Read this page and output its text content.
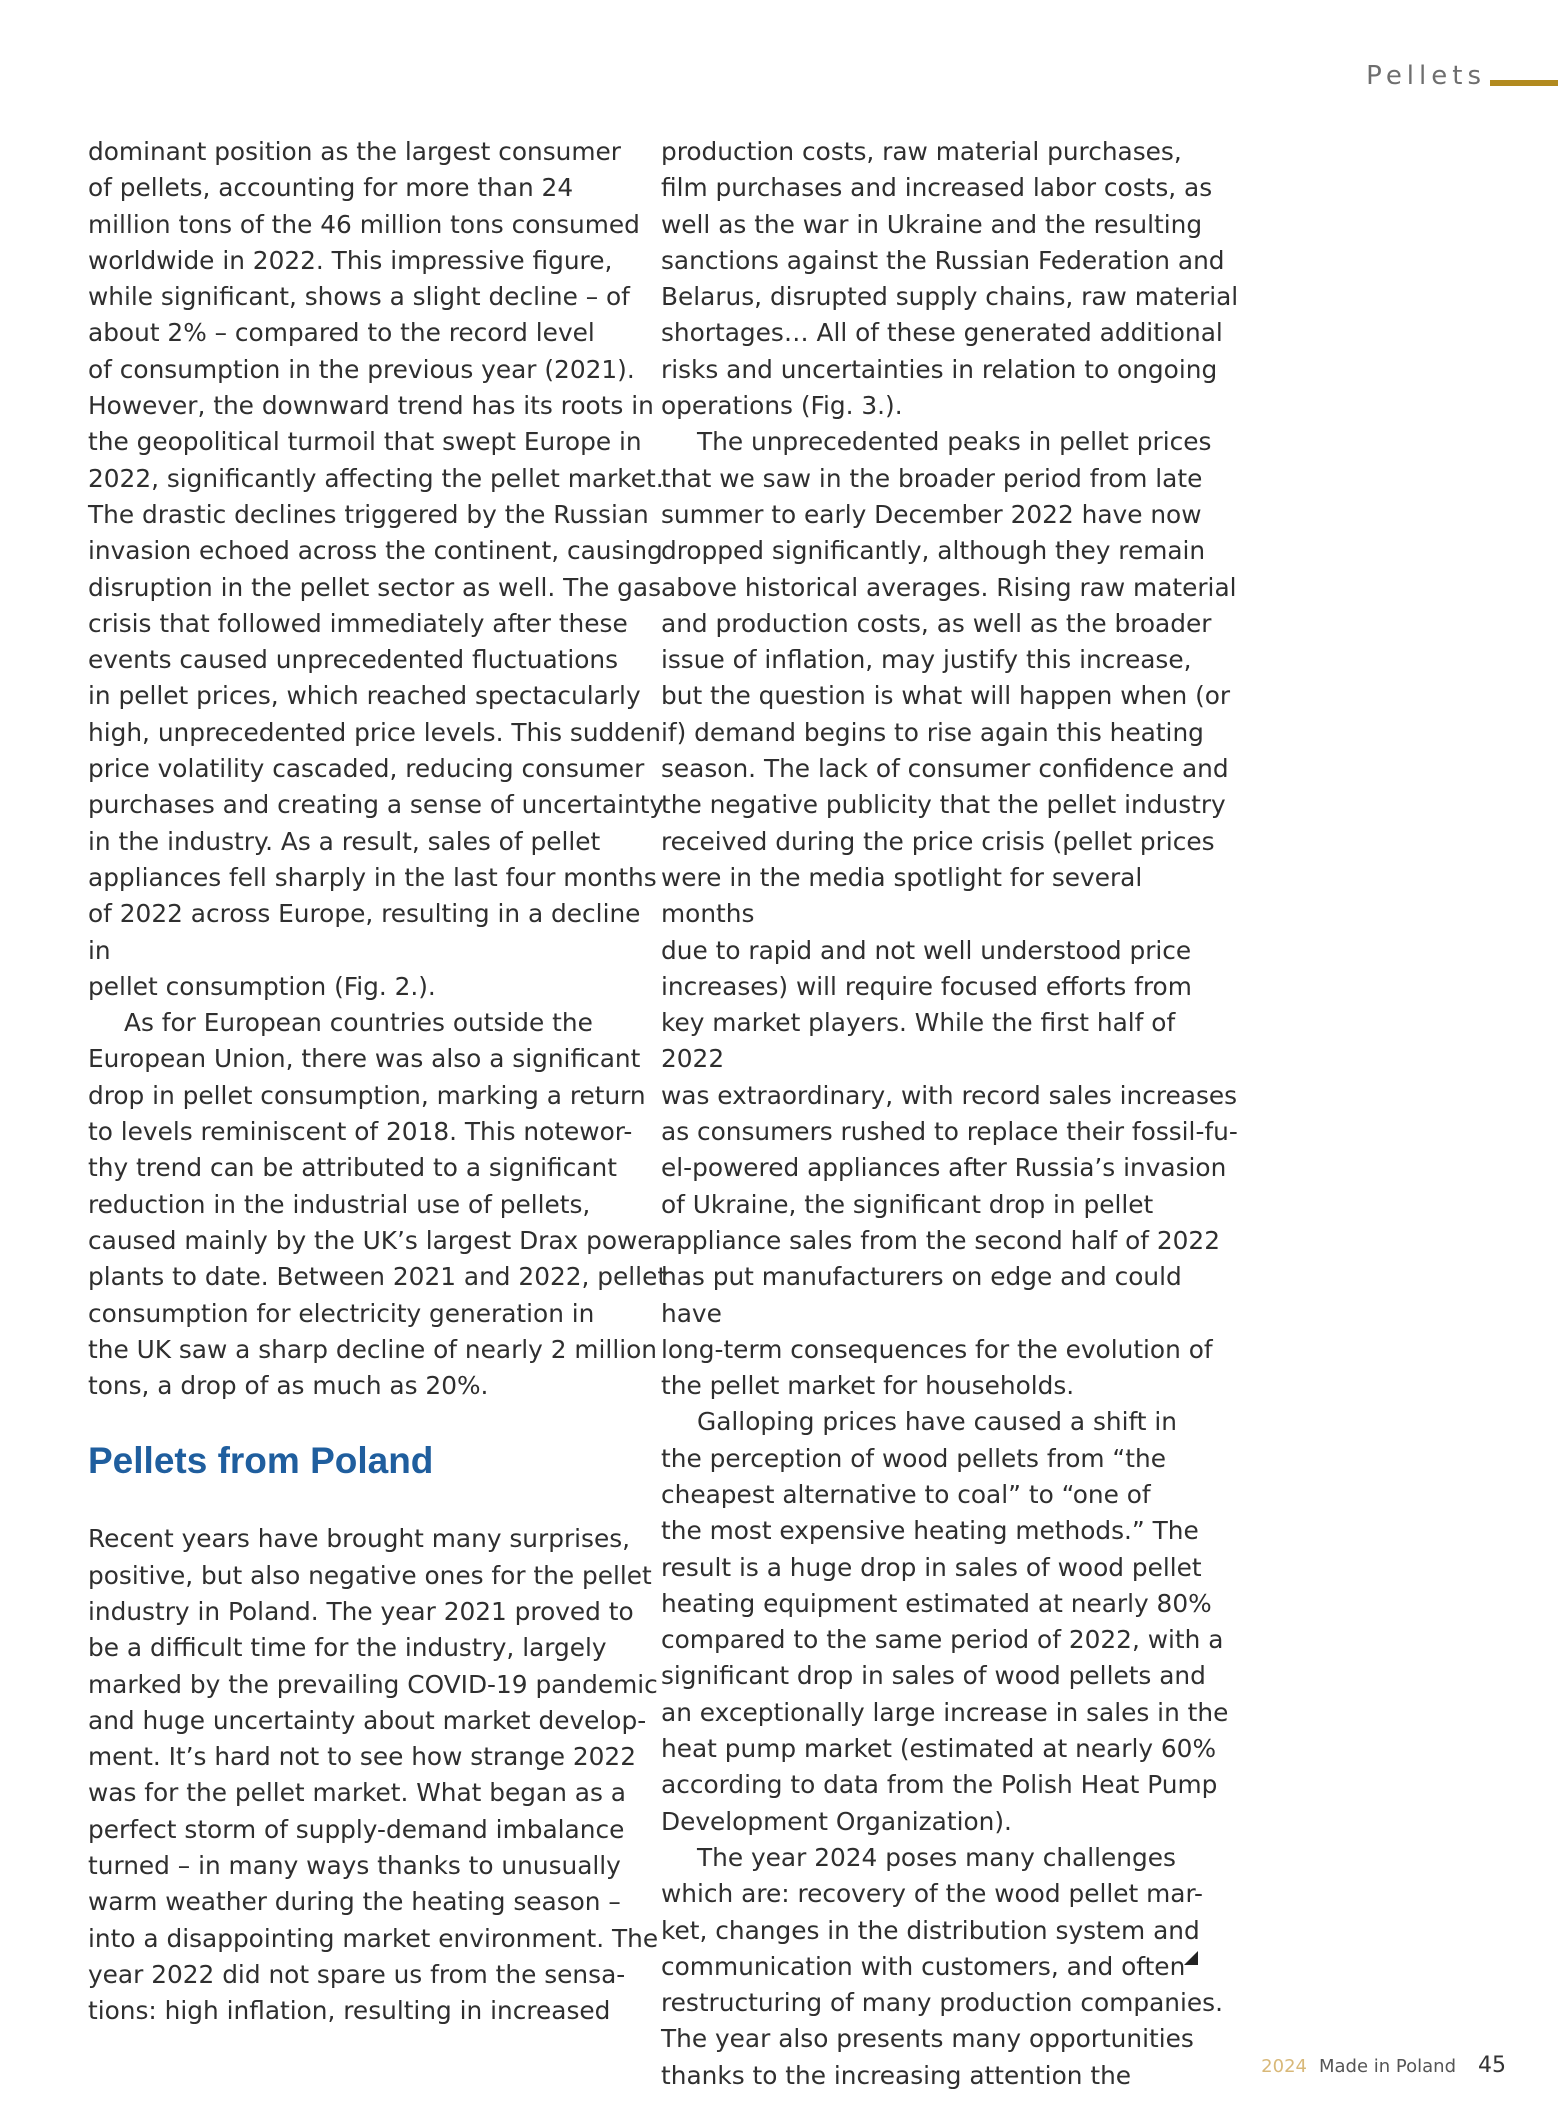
Pellets

dominant position as the largest consumer
of pellets, accounting for more than 24
million tons of the 46 million tons consumed
worldwide in 2022. This impressive figure,
while significant, shows a slight decline – of
about 2% – compared to the record level
of consumption in the previous year (2021).
However, the downward trend has its roots in
the geopolitical turmoil that swept Europe in
2022, significantly affecting the pellet market.
The drastic declines triggered by the Russian
invasion echoed across the continent, causing
disruption in the pellet sector as well. The gas
crisis that followed immediately after these
events caused unprecedented fluctuations
in pellet prices, which reached spectacularly
high, unprecedented price levels. This sudden
price volatility cascaded, reducing consumer
purchases and creating a sense of uncertainty
in the industry. As a result, sales of pellet
appliances fell sharply in the last four months
of 2022 across Europe, resulting in a decline in
pellet consumption (Fig. 2.).

As for European countries outside the
European Union, there was also a significant
drop in pellet consumption, marking a return
to levels reminiscent of 2018. This notewor-
thy trend can be attributed to a significant
reduction in the industrial use of pellets,
caused mainly by the UK’s largest Drax power
plants to date. Between 2021 and 2022, pellet
consumption for electricity generation in
the UK saw a sharp decline of nearly 2 million
tons, a drop of as much as 20%.

Pellets from Poland

Recent years have brought many surprises,
positive, but also negative ones for the pellet
industry in Poland. The year 2021 proved to
be a difficult time for the industry, largely
marked by the prevailing COVID-19 pandemic
and huge uncertainty about market develop-
ment. It’s hard not to see how strange 2022
was for the pellet market. What began as a
perfect storm of supply-demand imbalance
turned – in many ways thanks to unusually
warm weather during the heating season –
into a disappointing market environment. The
year 2022 did not spare us from the sensa-
tions: high inflation, resulting in increased

production costs, raw material purchases,
film purchases and increased labor costs, as
well as the war in Ukraine and the resulting
sanctions against the Russian Federation and
Belarus, disrupted supply chains, raw material
shortages… All of these generated additional
risks and uncertainties in relation to ongoing
operations (Fig. 3.).

The unprecedented peaks in pellet prices
that we saw in the broader period from late
summer to early December 2022 have now
dropped significantly, although they remain
above historical averages. Rising raw material
and production costs, as well as the broader
issue of inflation, may justify this increase,
but the question is what will happen when (or
if) demand begins to rise again this heating
season. The lack of consumer confidence and
the negative publicity that the pellet industry
received during the price crisis (pellet prices
were in the media spotlight for several months
due to rapid and not well understood price
increases) will require focused efforts from
key market players. While the first half of 2022
was extraordinary, with record sales increases
as consumers rushed to replace their fossil-fu-
el-powered appliances after Russia’s invasion
of Ukraine, the significant drop in pellet
appliance sales from the second half of 2022
has put manufacturers on edge and could have
long-term consequences for the evolution of
the pellet market for households.

Galloping prices have caused a shift in
the perception of wood pellets from “the
cheapest alternative to coal” to “one of
the most expensive heating methods.” The
result is a huge drop in sales of wood pellet
heating equipment estimated at nearly 80%
compared to the same period of 2022, with a
significant drop in sales of wood pellets and
an exceptionally large increase in sales in the
heat pump market (estimated at nearly 60%
according to data from the Polish Heat Pump
Development Organization).

The year 2024 poses many challenges
which are: recovery of the wood pellet mar-
ket, changes in the distribution system and
communication with customers, and often
restructuring of many production companies.
The year also presents many opportunities
thanks to the increasing attention the	2024 Made in Poland 45
